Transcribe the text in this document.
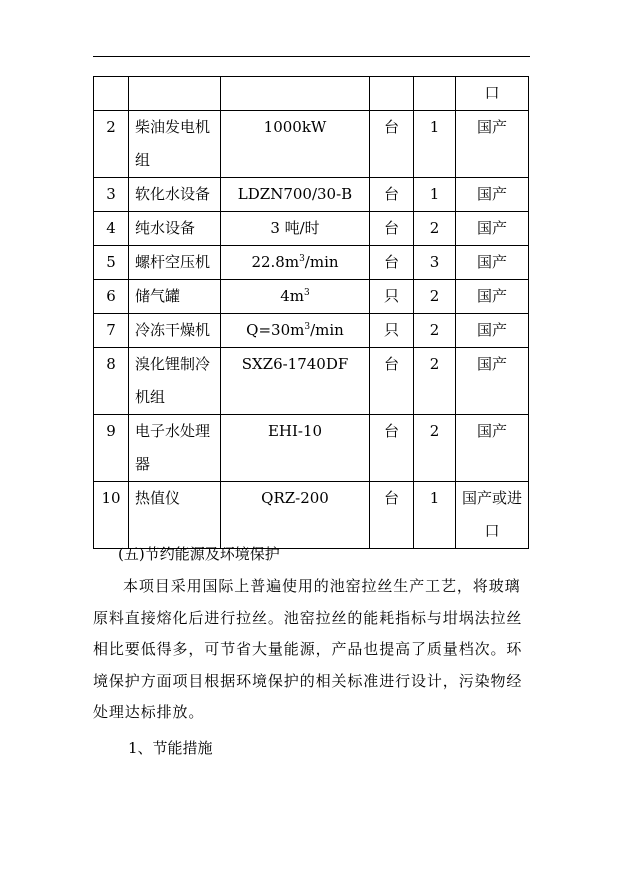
					口
2	柴油发电机组	1000kW	台	1	国产
3	软化水设备	LDZN700/30-B	台	1	国产
4	纯水设备	3 吨/时	台	2	国产
5	螺杆空压机	$22.8m^3/\min$	台	3	国产
6	储气罐	$4m^3$	只	2	国产
7	冷冻干燥机	$Q=30m^3/\min$	只	2	国产
8	溴化锂制冷机组	SXZ6-1740DF	台	2	国产
9	电子水处理器	EHI-10	台	2	国产
10	热值仪	QRZ-200	台	1	国产或进口
(五)节约能源及环境保护
本项目采用国际上普遍使用的池窑拉丝生产工艺，将玻璃原料直接熔化后进行拉丝。池窑拉丝的能耗指标与坩埚法拉丝相比要低得多，可节省大量能源，产品也提高了质量档次。环境保护方面项目根据环境保护的相关标准进行设计，污染物经处理达标排放。
1、节能措施
